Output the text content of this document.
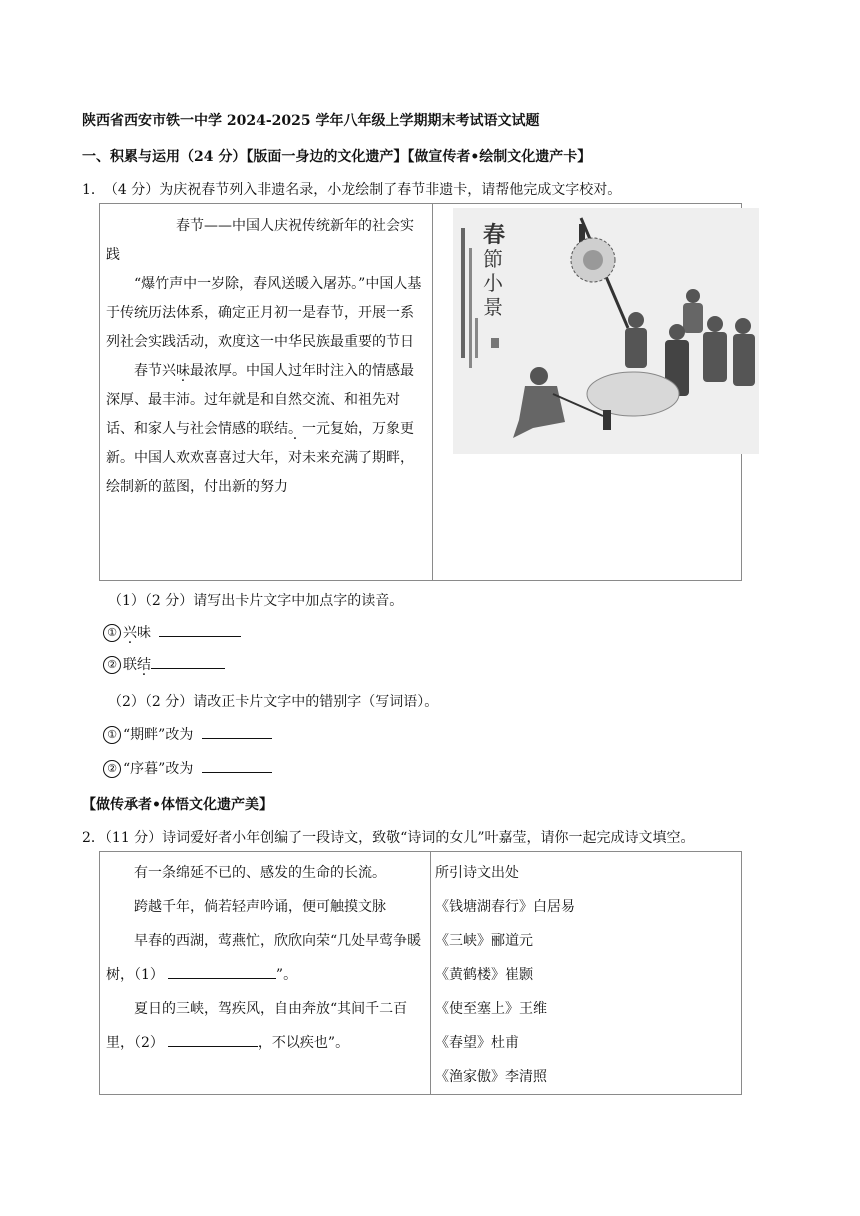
陕西省西安市铁一中学 2024-2025 学年八年级上学期期末考试语文试题
一、积累与运用（24 分）【版面一身边的文化遗产】【做宣传者•绘制文化遗产卡】
1． （4 分）为庆祝春节列入非遗名录，小龙绘制了春节非遗卡，请帮他完成文字校对。

春节——中国人庆祝传统新年的社会实践

“爆竹声中一岁除，春风送暖入屠苏。”中国人基于传统历法体系，确定正月初一是春节，开展一系列社会实践活动，欢度这一中华民族最重要的节日

春节兴味最浓厚。中国人过年时注入的情感最深厚、最丰沛。过年就是和自然交流、和祖先对话、和家人与社会情感的联结。一元复始，万象更新。中国人欢欢喜喜过大年，对未来充满了期畔，绘制新的蓝图，付出新的努力

春
節
小
景
（1）（2 分）请写出卡片文字中加点字的读音。
① 兴味
② 联结
（2）（2 分）请改正卡片文字中的错别字（写词语）。
① “期畔”改为
② “序暮”改为
【做传承者•体悟文化遗产美】
2．（11 分）诗词爱好者小年创编了一段诗文，致敬“诗词的女儿”叶嘉莹，请你一起完成诗文填空。

有一条绵延不已的、感发的生命的长流。

跨越千年，倘若轻声吟诵，便可触摸文脉

早春的西湖，莺燕忙，欣欣向荣“几处早莺争暖树，（1）	”。

夏日的三峡，驾疾风，自由奔放“其间千二百里，（2）	，不以疾也”。

所引诗文出处
《钱塘湖春行》白居易
《三峡》郦道元
《黄鹤楼》崔颢
《使至塞上》王维
《春望》杜甫
《渔家傲》李清照
